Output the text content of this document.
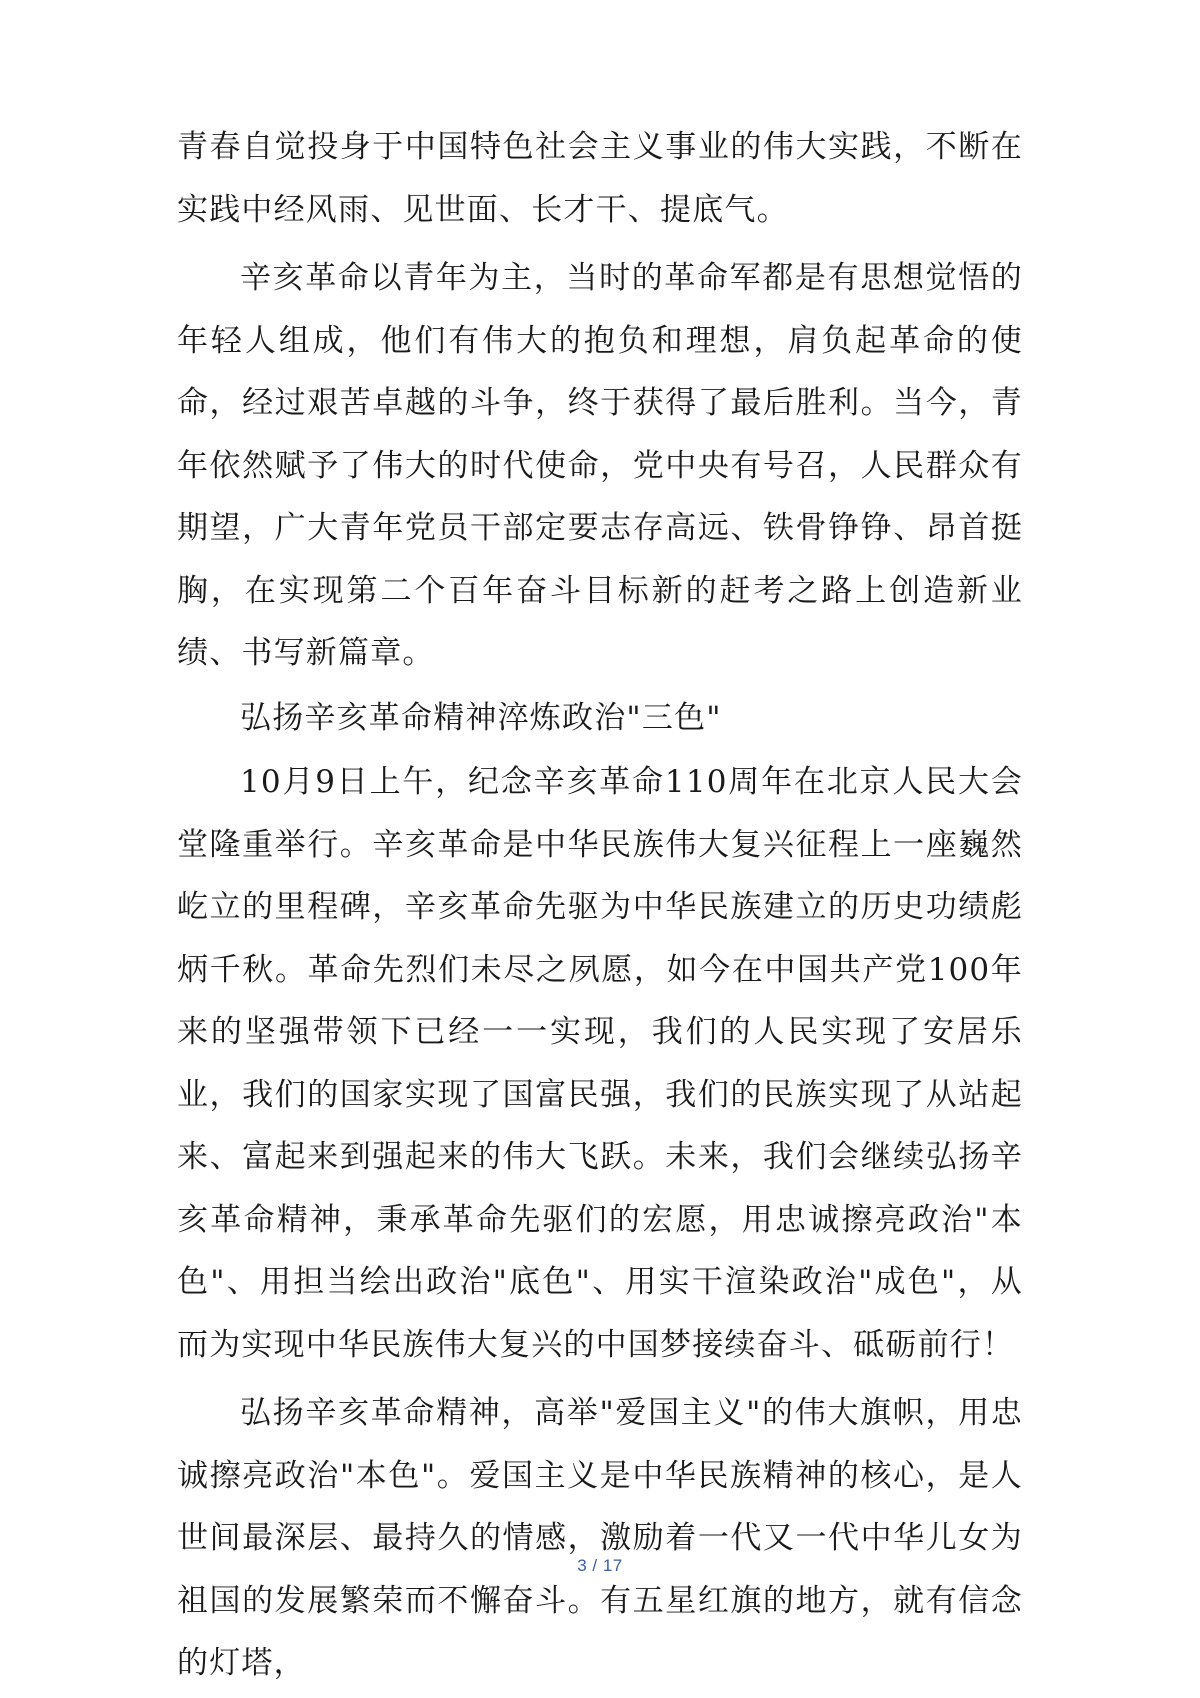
青春自觉投身于中国特色社会主义事业的伟大实践，不断在实践中经风雨、见世面、长才干、提底气。

辛亥革命以青年为主，当时的革命军都是有思想觉悟的年轻人组成，他们有伟大的抱负和理想，肩负起革命的使命，经过艰苦卓越的斗争，终于获得了最后胜利。当今，青年依然赋予了伟大的时代使命，党中央有号召，人民群众有期望，广大青年党员干部定要志存高远、铁骨铮铮、昂首挺胸，在实现第二个百年奋斗目标新的赶考之路上创造新业绩、书写新篇章。

弘扬辛亥革命精神淬炼政治"三色"

10月9日上午，纪念辛亥革命110周年在北京人民大会堂隆重举行。辛亥革命是中华民族伟大复兴征程上一座巍然屹立的里程碑，辛亥革命先驱为中华民族建立的历史功绩彪炳千秋。革命先烈们未尽之夙愿，如今在中国共产党100年来的坚强带领下已经一一实现，我们的人民实现了安居乐业，我们的国家实现了国富民强，我们的民族实现了从站起来、富起来到强起来的伟大飞跃。未来，我们会继续弘扬辛亥革命精神，秉承革命先驱们的宏愿，用忠诚擦亮政治"本色"、用担当绘出政治"底色"、用实干渲染政治"成色"，从而为实现中华民族伟大复兴的中国梦接续奋斗、砥砺前行！

弘扬辛亥革命精神，高举"爱国主义"的伟大旗帜，用忠诚擦亮政治"本色"。爱国主义是中华民族精神的核心，是人世间最深层、最持久的情感，激励着一代又一代中华儿女为祖国的发展繁荣而不懈奋斗。有五星红旗的地方，就有信念的灯塔，

3 / 17
